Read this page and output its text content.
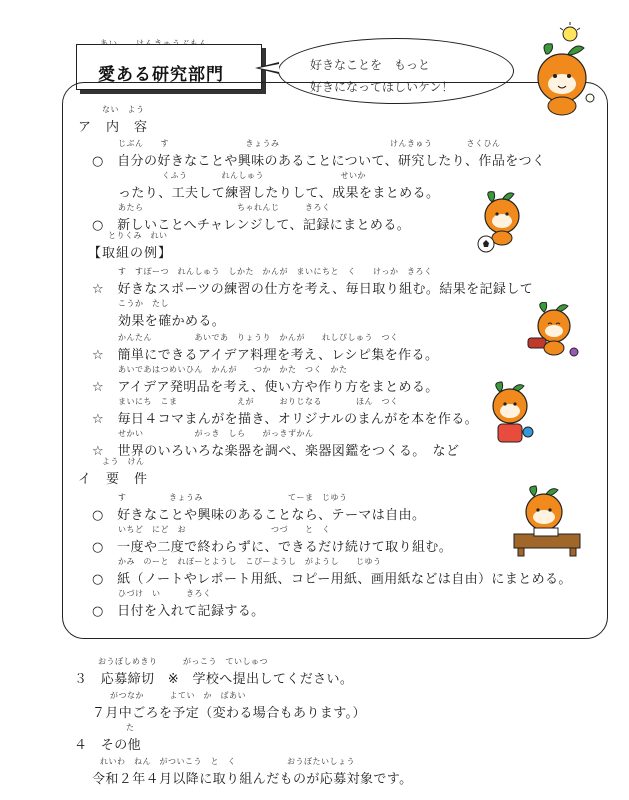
愛ある研究部門	好きなことを　もっと
好きになってほしいケン！
ない　よう
ア　内　容
じぶん　　す　　　　　　　　　きょうみ　　　　　　　　　　　　　けんきゅう　　　　さくひん
○　自分の好きなことや興味のあることについて、研究したり、作品をつく
くふう　　　　れんしゅう　　　　　　　　　せいか
ったり、工夫して練習したりして、成果をまとめる。
あたら　　　　　　　　　　　ちゃれんじ　　　きろく
○　新しいことへチャレンジして、記録にまとめる。
とりくみ　れい
【取組の例】
す　すぽーつ　れんしゅう　しかた　かんが　まいにちと　く　　けっか　きろく
☆　好きなスポーツの練習の仕方を考え、毎日取り組む。結果を記録して
こうか　たし
効果を確かめる。
かんたん　　　　　あいであ　りょうり　かんが　　れしぴしゅう　つく
☆　簡単にできるアイデア料理を考え、レシピ集を作る。
あいであはつめいひん　かんが　　つか　かた　つく　かた
☆　アイデア発明品を考え、使い方や作り方をまとめる。
まいにち　こま　　　　　　　えが　　　おりじなる　　　　ほん　つく
☆　毎日４コマまんがを描き、オリジナルのまんがを本を作る。
せかい　　　　　　がっき　しら　　がっきずかん
☆　世界のいろいろな楽器を調べ、楽器図鑑をつくる。　など
よう　けん
イ　要　件
す　　　　　きょうみ　　　　　　　　　　てーま　じゆう
○　好きなことや興味のあることなら、テーマは自由。
いちど　にど　お　　　　　　　　　　つづ　　と　く
○　一度や二度で終わらずに、できるだけ続けて取り組む。
かみ　のーと　れぽーとようし　こぴーようし　がようし　　じゆう
○　紙（ノートやレポート用紙、コピー用紙、画用紙などは自由）にまとめる。
ひづけ　い　　　きろく
○　日付を入れて記録する。
おうぼしめきり　　　がっこう　ていしゅつ
３　応募締切　※　学校へ提出してください。
がつなか　　　よてい　か　ばあい
７月中ごろを予定（変わる場合もあります。）
た
４　その他
れいわ　ねん　がついこう　と　く　　　　　　おうぼたいしょう
令和２年４月以降に取り組んだものが応募対象です。
